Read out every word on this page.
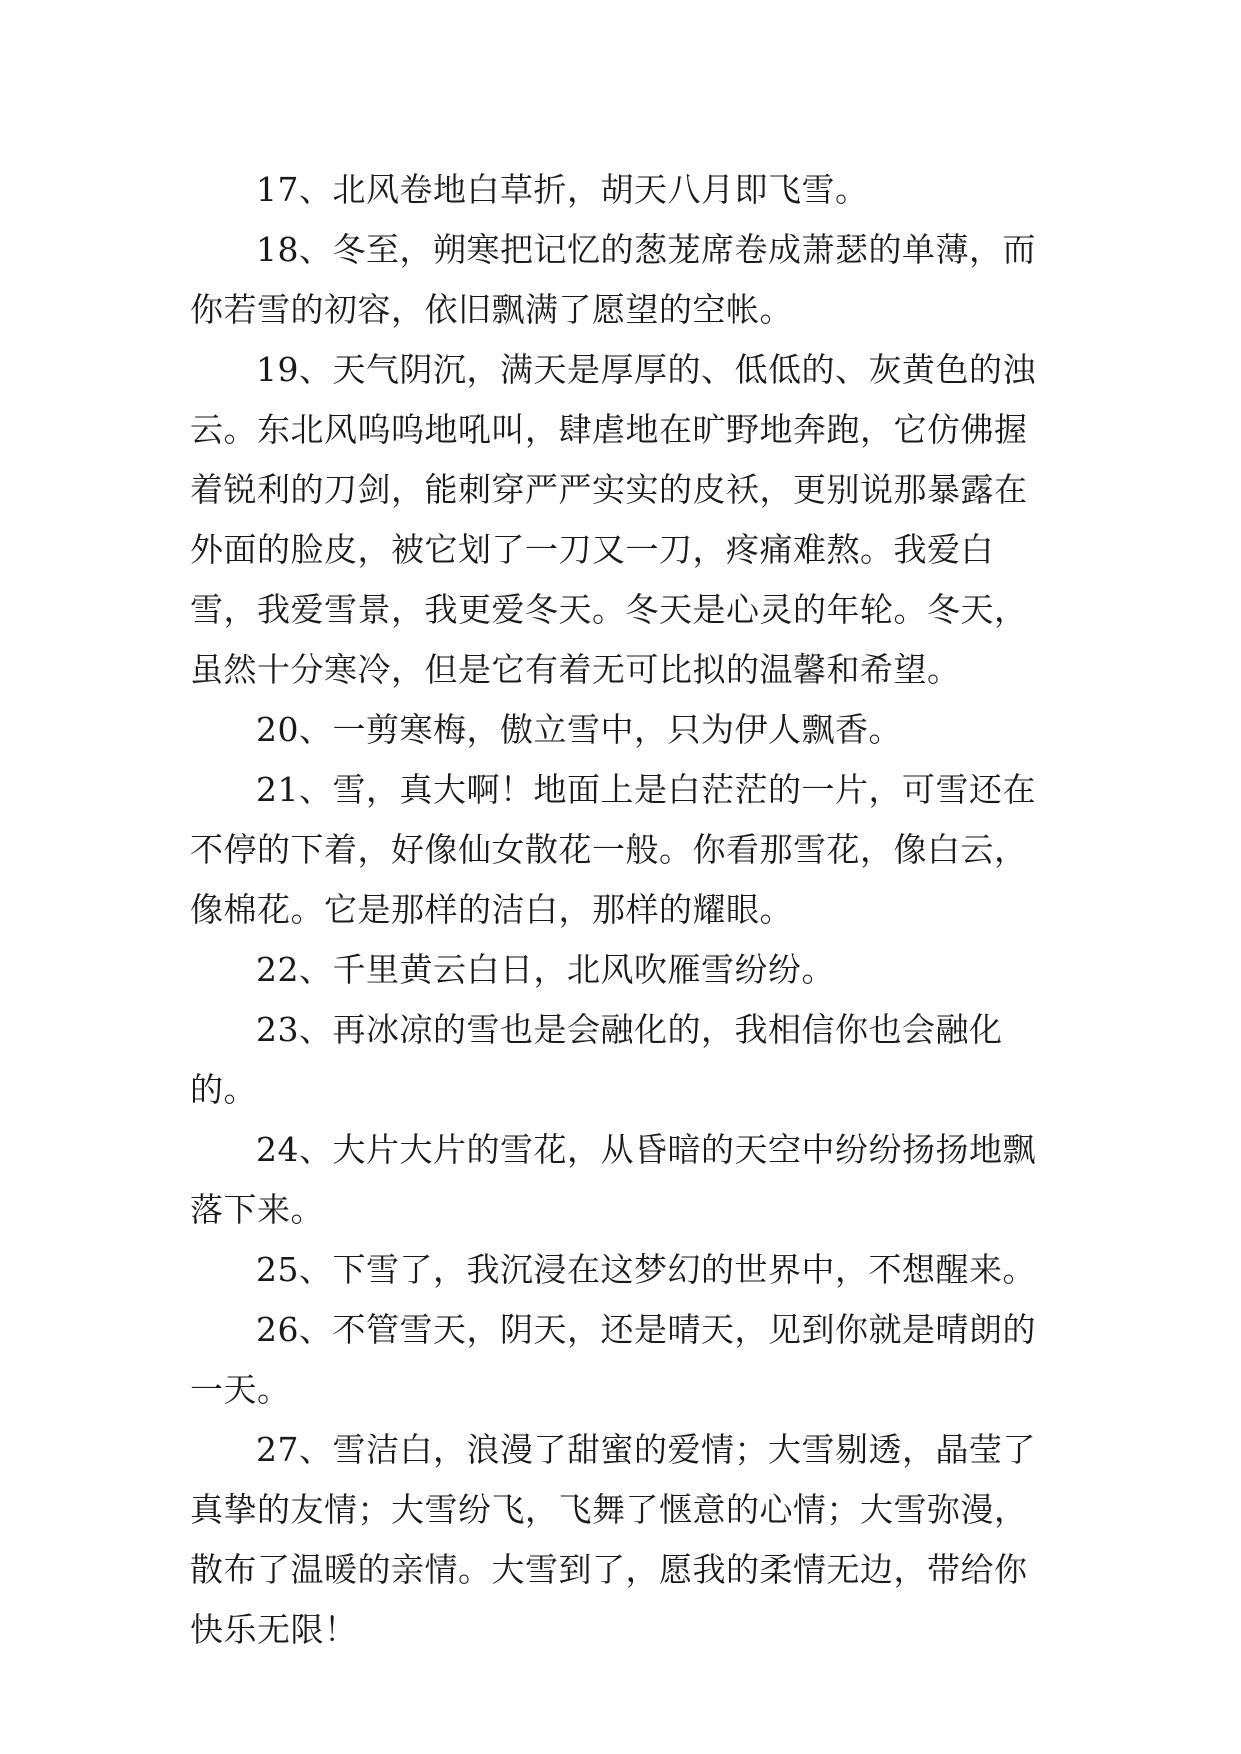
17、北风卷地白草折，胡天八月即飞雪。

18、冬至，朔寒把记忆的葱茏席卷成萧瑟的单薄，而你若雪的初容，依旧飘满了愿望的空帐。

19、天气阴沉，满天是厚厚的、低低的、灰黄色的浊云。东北风呜呜地吼叫，肆虐地在旷野地奔跑，它仿佛握着锐利的刀剑，能刺穿严严实实的皮袄，更别说那暴露在外面的脸皮，被它划了一刀又一刀，疼痛难熬。我爱白雪，我爱雪景，我更爱冬天。冬天是心灵的年轮。冬天，虽然十分寒冷，但是它有着无可比拟的温馨和希望。

20、一剪寒梅，傲立雪中，只为伊人飘香。

21、雪，真大啊！地面上是白茫茫的一片，可雪还在不停的下着，好像仙女散花一般。你看那雪花，像白云，像棉花。它是那样的洁白，那样的耀眼。

22、千里黄云白日，北风吹雁雪纷纷。

23、再冰凉的雪也是会融化的，我相信你也会融化的。

24、大片大片的雪花，从昏暗的天空中纷纷扬扬地飘落下来。

25、下雪了，我沉浸在这梦幻的世界中，不想醒来。

26、不管雪天，阴天，还是晴天，见到你就是晴朗的一天。

27、雪洁白，浪漫了甜蜜的爱情；大雪剔透，晶莹了真挚的友情；大雪纷飞，飞舞了惬意的心情；大雪弥漫，散布了温暖的亲情。大雪到了，愿我的柔情无边，带给你快乐无限！
